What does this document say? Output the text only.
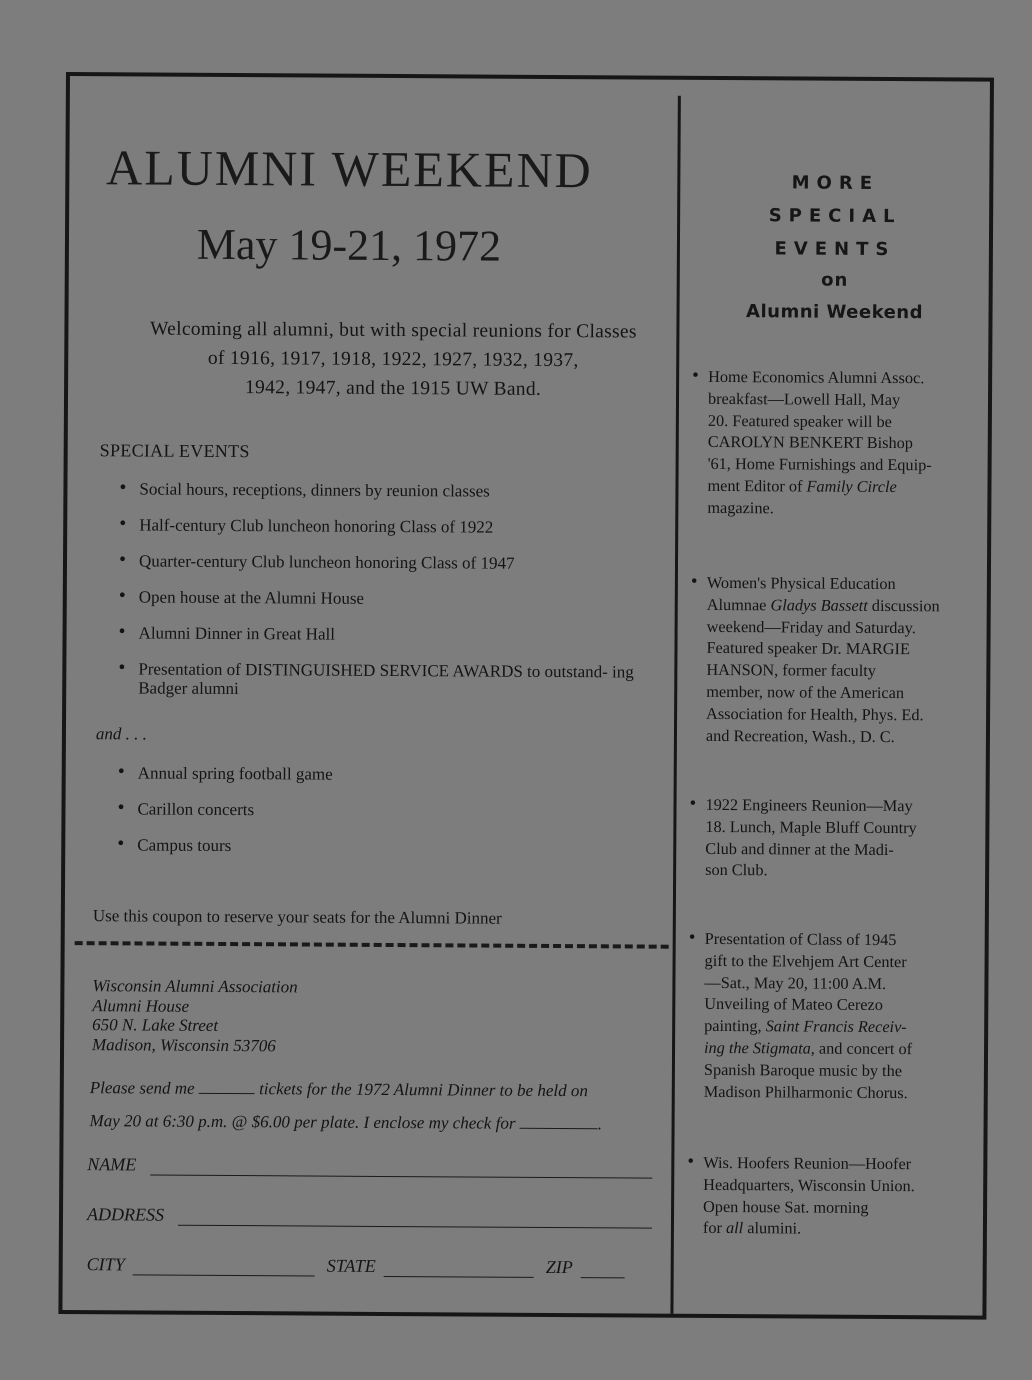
ALUMNI WEEKEND
May 19-21, 1972
Welcoming all alumni, but with special reunions for Classes
of 1916, 1917, 1918, 1922, 1927, 1932, 1937,
1942, 1947, and the 1915 UW Band.
SPECIAL EVENTS
• Social hours, receptions, dinners by reunion classes
• Half-century Club luncheon honoring Class of 1922
• Quarter-century Club luncheon honoring Class of 1947
• Open house at the Alumni House
• Alumni Dinner in Great Hall
• Presentation of DISTINGUISHED SERVICE AWARDS to outstand- ing Badger alumni
and . . .
• Annual spring football game
• Carillon concerts
• Campus tours
Use this coupon to reserve your seats for the Alumni Dinner
Wisconsin Alumni Association
Alumni House
650 N. Lake Street
Madison, Wisconsin 53706
Please send me	tickets for the 1972 Alumni Dinner to be held on
May 20 at 6:30 p.m. @ $6.00 per plate. I enclose my check for	.
NAME
ADDRESS
CITY	STATE	ZIP
MORE
SPECIAL
EVENTS
on
Alumni Weekend
• Home Economics Alumni Assoc.
breakfast—Lowell Hall, May
20. Featured speaker will be
CAROLYN BENKERT Bishop
'61, Home Furnishings and Equip-
ment Editor of Family Circle
magazine.
• Women's Physical Education
Alumnae Gladys Bassett discussion
weekend—Friday and Saturday.
Featured speaker Dr. MARGIE
HANSON, former faculty
member, now of the American
Association for Health, Phys. Ed.
and Recreation, Wash., D. C.
• 1922 Engineers Reunion—May
18. Lunch, Maple Bluff Country
Club and dinner at the Madi-
son Club.
• Presentation of Class of 1945
gift to the Elvehjem Art Center
—Sat., May 20, 11:00 A.M.
Unveiling of Mateo Cerezo
painting, Saint Francis Receiv-
ing the Stigmata, and concert of
Spanish Baroque music by the
Madison Philharmonic Chorus.
• Wis. Hoofers Reunion—Hoofer
Headquarters, Wisconsin Union.
Open house Sat. morning
for all alumini.
